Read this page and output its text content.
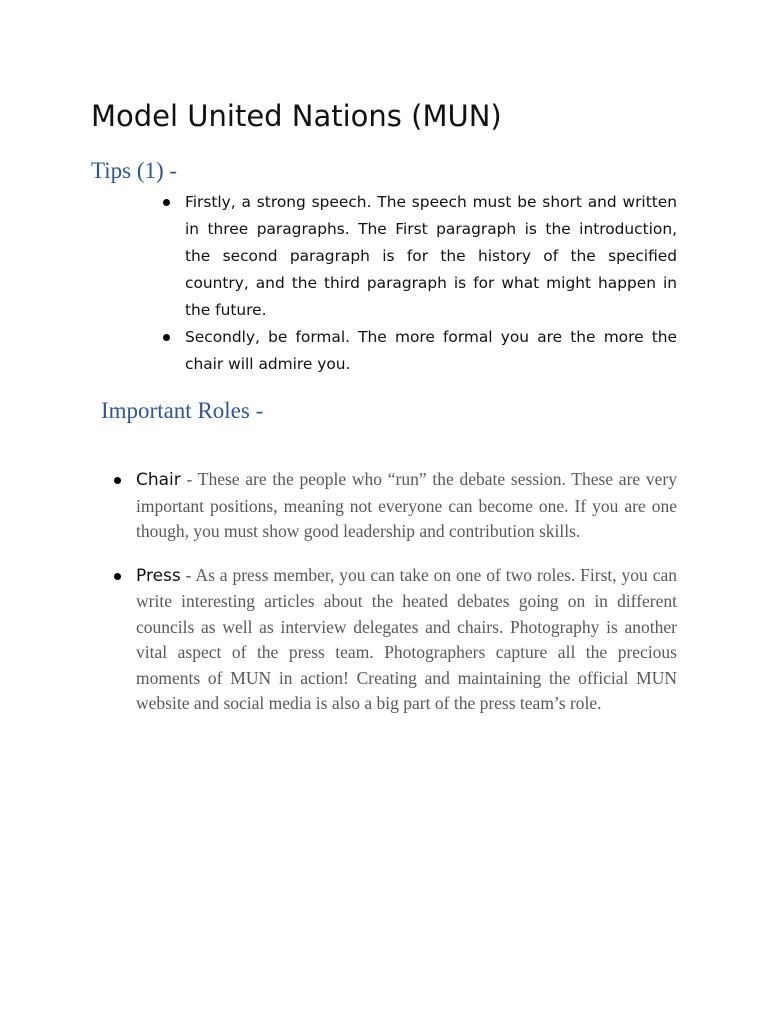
Model United Nations (MUN)
Tips (1) -
Firstly, a strong speech. The speech must be short and written in three paragraphs. The First paragraph is the introduction, the second paragraph is for the history of the specified country, and the third paragraph is for what might happen in the future.
Secondly, be formal. The more formal you are the more the chair will admire you.
Important Roles -
Chair - These are the people who “run” the debate session. These are very important positions, meaning not everyone can become one. If you are one though, you must show good leadership and contribution skills.
Press - As a press member, you can take on one of two roles. First, you can write interesting articles about the heated debates going on in different councils as well as interview delegates and chairs. Photography is another vital aspect of the press team. Photographers capture all the precious moments of MUN in action! Creating and maintaining the official MUN website and social media is also a big part of the press team’s role.
